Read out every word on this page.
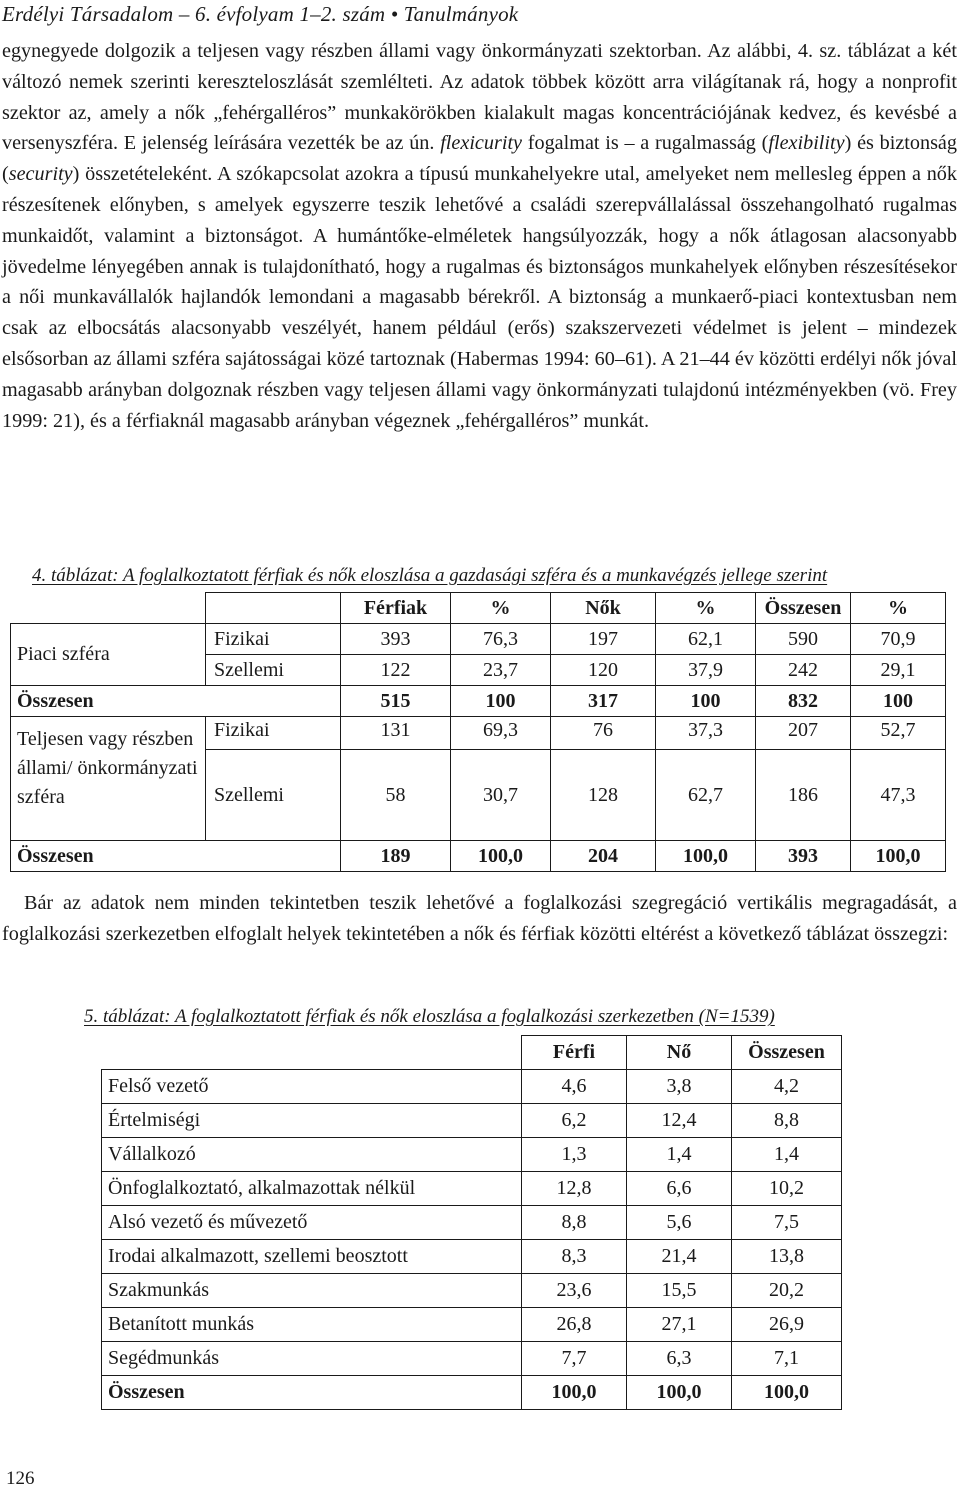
Erdélyi Társadalom – 6. évfolyam 1–2. szám • Tanulmányok

egynegyede dolgozik a teljesen vagy részben állami vagy önkormányzati szektorban. Az alábbi, 4. sz. táblázat a két változó nemek szerinti kereszteloszlását szemlélteti. Az adatok többek között arra világítanak rá, hogy a nonprofit szektor az, amely a nők „fehérgalléros” munkakörökben kialakult magas koncentrációjának kedvez, és kevésbé a versenyszféra. E jelenség leírására vezették be az ún. flexicurity fogalmat is – a rugalmasság (flexibility) és biztonság (security) összetételeként. A szókapcsolat azokra a típusú munkahelyekre utal, amelyeket nem mellesleg éppen a nők részesítenek előnyben, s amelyek egyszerre teszik lehetővé a családi szerepvállalással összehangolható rugalmas munkaidőt, valamint a biztonságot. A humántőke-elméletek hangsúlyozzák, hogy a nők átlagosan alacsonyabb jövedelme lényegében annak is tulajdonítható, hogy a rugalmas és biztonságos munkahelyek előnyben részesítésekor a női munkavállalók hajlandók lemondani a magasabb bérekről. A biztonság a munkaerő-piaci kontextusban nem csak az elbocsátás alacsonyabb veszélyét, hanem például (erős) szakszervezeti védelmet is jelent – mindezek elsősorban az állami szféra sajátosságai közé tartoznak (Habermas 1994: 60–61). A 21–44 év közötti erdélyi nők jóval magasabb arányban dolgoznak részben vagy teljesen állami vagy önkormányzati tulajdonú intézményekben (vö. Frey 1999: 21), és a férfiaknál magasabb arányban végeznek „fehérgalléros” munkát.

4. táblázat: A foglalkoztatott férfiak és nők eloszlása a gazdasági szféra és a munkavégzés jellege szerint
		Férfiak	%	Nők	%	Összesen	%
Piaci szféra	Fizikai	393	76,3	197	62,1	590	70,9
	Szellemi	122	23,7	120	37,9	242	29,1
Összesen		515	100	317	100	832	100
Teljesen vagy részben állami/ önkormányzati szféra	Fizikai	131	69,3	76	37,3	207	52,7
	Szellemi	58	30,7	128	62,7	186	47,3
Összesen		189	100,0	204	100,0	393	100,0

Bár az adatok nem minden tekintetben teszik lehetővé a foglalkozási szegregáció vertikális megragadását, a foglalkozási szerkezetben elfoglalt helyek tekintetében a nők és férfiak közötti eltérést a következő táblázat összegzi:

5. táblázat: A foglalkoztatott férfiak és nők eloszlása a foglalkozási szerkezetben (N=1539)
	Férfi	Nő	Összesen
Felső vezető	4,6	3,8	4,2
Értelmiségi	6,2	12,4	8,8
Vállalkozó	1,3	1,4	1,4
Önfoglalkoztató, alkalmazottak nélkül	12,8	6,6	10,2
Alsó vezető és művezető	8,8	5,6	7,5
Irodai alkalmazott, szellemi beosztott	8,3	21,4	13,8
Szakmunkás	23,6	15,5	20,2
Betanított munkás	26,8	27,1	26,9
Segédmunkás	7,7	6,3	7,1
Összesen	100,0	100,0	100,0
126
